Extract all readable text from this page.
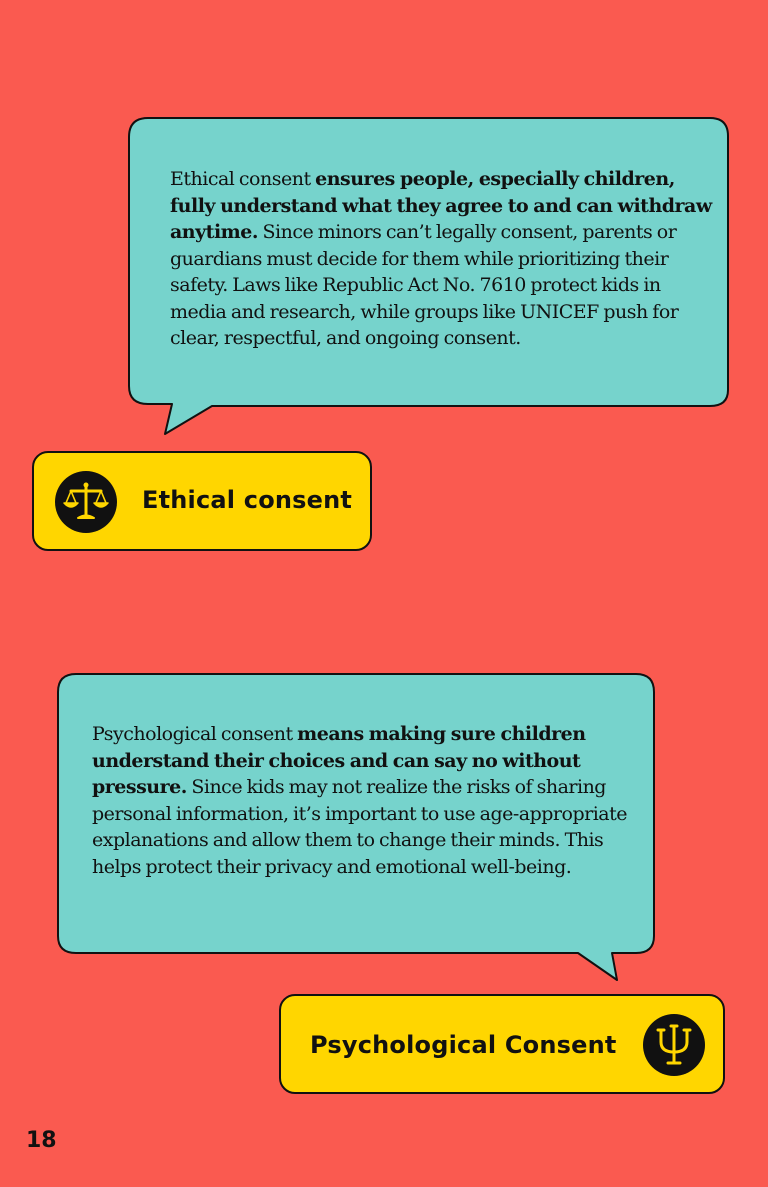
Ethical consent ensures people, especially children, fully understand what they agree to and can withdraw anytime. Since minors can’t legally consent, parents or guardians must decide for them while prioritizing their safety. Laws like Republic Act No. 7610 protect kids in media and research, while groups like UNICEF push for clear, respectful, and ongoing consent.
Psychological consent means making sure children understand their choices and can say no without pressure. Since kids may not realize the risks of sharing personal information, it’s important to use age-appropriate explanations and allow them to change their minds. This helps protect their privacy and emotional well-being.
Ethical consent
Psychological Consent
18
